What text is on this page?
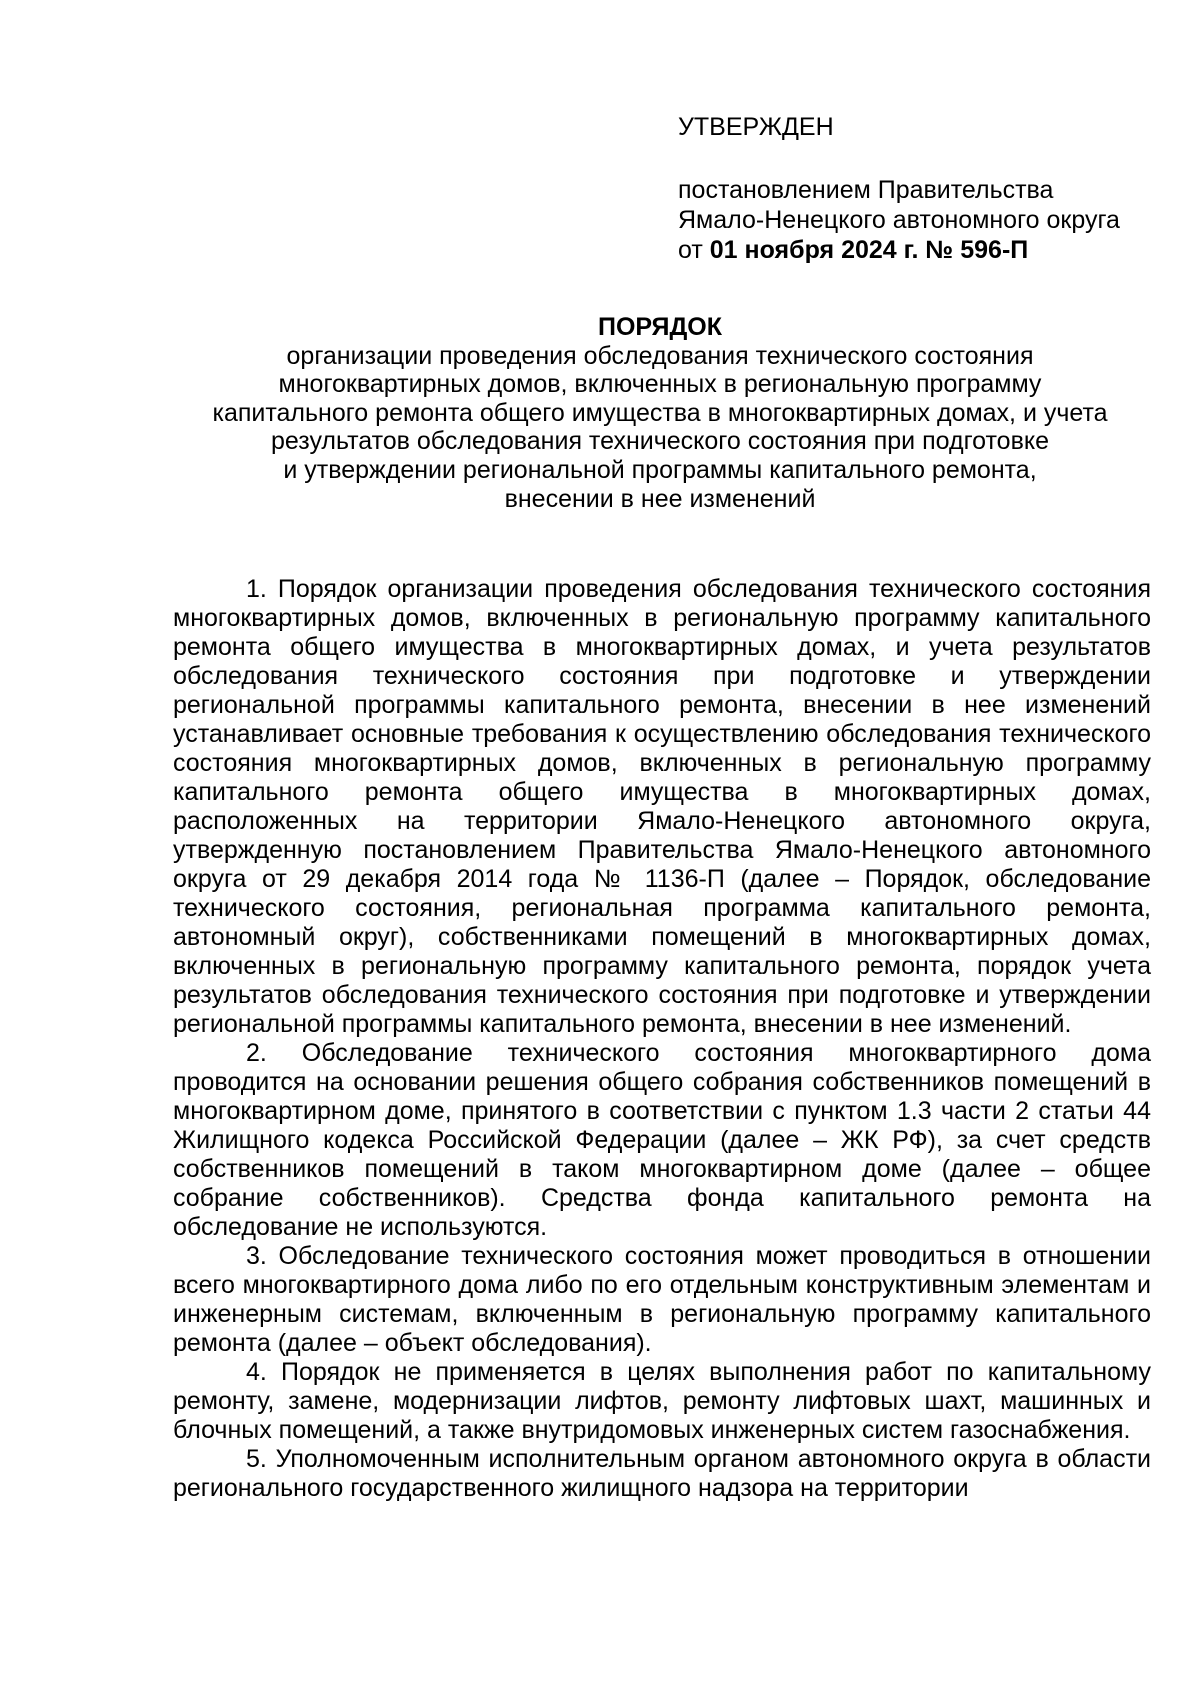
УТВЕРЖДЕН
постановлением Правительства
Ямало-Ненецкого автономного округа
от 01 ноября 2024 г. № 596-П
ПОРЯДОК
организации проведения обследования технического состояния
многоквартирных домов, включенных в региональную программу
капитального ремонта общего имущества в многоквартирных домах, и учета
результатов обследования технического состояния при подготовке
и утверждении региональной программы капитального ремонта,
внесении в нее изменений

1. Порядок организации проведения обследования технического состояния многоквартирных домов, включенных в региональную программу капитального ремонта общего имущества в многоквартирных домах, и учета результатов обследования технического состояния при подготовке и утверждении региональной программы капитального ремонта, внесении в нее изменений устанавливает основные требования к осуществлению обследования технического состояния многоквартирных домов, включенных в региональную программу капитального ремонта общего имущества в многоквартирных домах, расположенных на территории Ямало-Ненецкого автономного округа, утвержденную постановлением Правительства Ямало-Ненецкого автономного округа от 29 декабря 2014 года № 1136-П (далее – Порядок, обследование технического состояния, региональная программа капитального ремонта, автономный округ), собственниками помещений в многоквартирных домах, включенных в региональную программу капитального ремонта, порядок учета результатов обследования технического состояния при подготовке и утверждении региональной программы капитального ремонта, внесении в нее изменений.

2. Обследование технического состояния многоквартирного дома проводится на основании решения общего собрания собственников помещений в многоквартирном доме, принятого в соответствии с пунктом 1.3 части 2 статьи 44 Жилищного кодекса Российской Федерации (далее – ЖК РФ), за счет средств собственников помещений в таком многоквартирном доме (далее – общее собрание собственников). Средства фонда капитального ремонта на обследование не используются.

3. Обследование технического состояния может проводиться в отношении всего многоквартирного дома либо по его отдельным конструктивным элементам и инженерным системам, включенным в региональную программу капитального ремонта (далее – объект обследования).

4. Порядок не применяется в целях выполнения работ по капитальному ремонту, замене, модернизации лифтов, ремонту лифтовых шахт, машинных и блочных помещений, а также внутридомовых инженерных систем газоснабжения.

5. Уполномоченным исполнительным органом автономного округа в области регионального государственного жилищного надзора на территории
